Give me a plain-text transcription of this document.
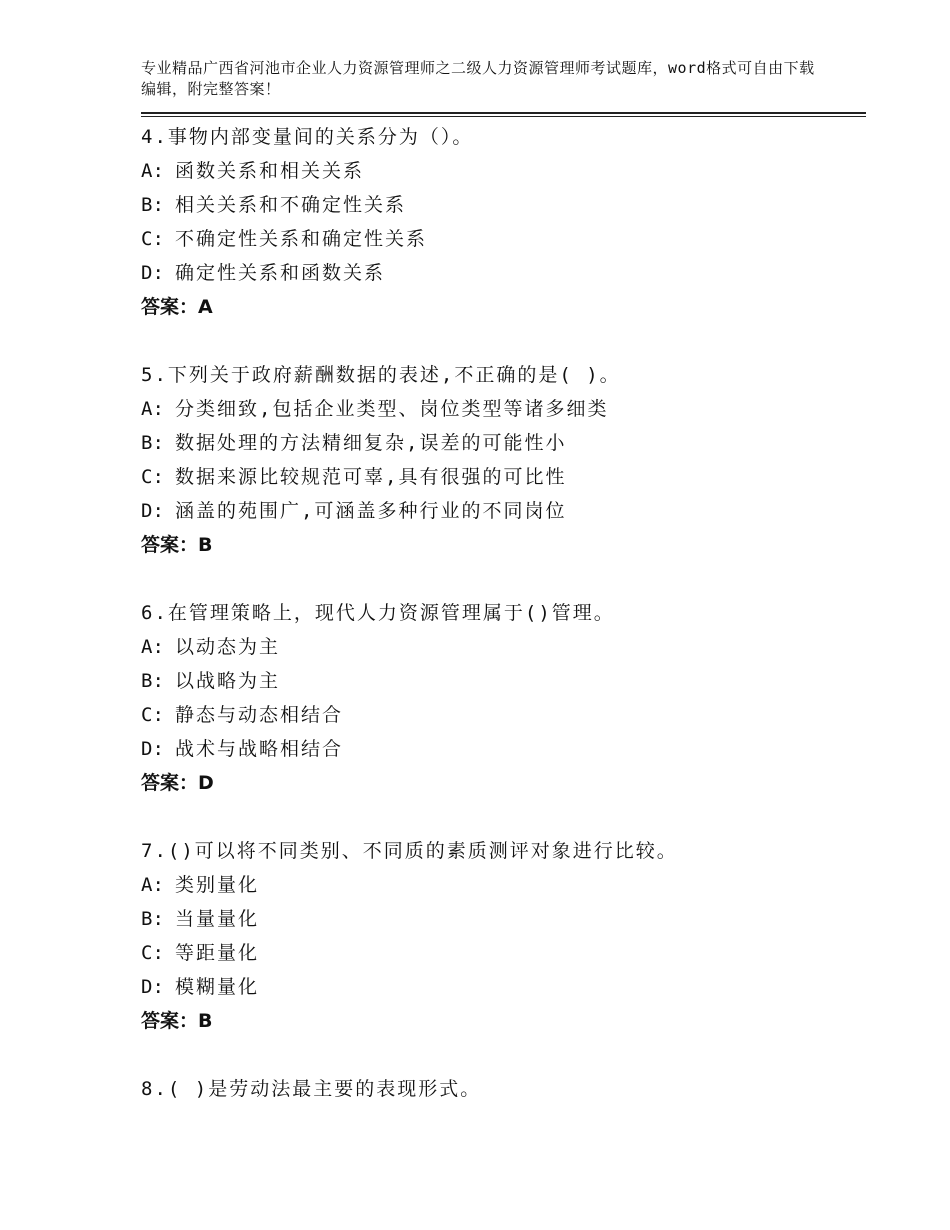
专业精品广西省河池市企业人力资源管理师之二级人力资源管理师考试题库，word格式可自由下载编辑，附完整答案！
4.事物内部变量间的关系分为（）。
A: 函数关系和相关关系
B: 相关关系和不确定性关系
C: 不确定性关系和确定性关系
D: 确定性关系和函数关系
答案：A
5.下列关于政府薪酬数据的表述,不正确的是( )。
A: 分类细致,包括企业类型、岗位类型等诸多细类
B: 数据处理的方法精细复杂,误差的可能性小
C: 数据来源比较规范可辜,具有很强的可比性
D: 涵盖的苑围广,可涵盖多种行业的不同岗位
答案：B
6.在管理策略上，现代人力资源管理属于()管理。
A: 以动态为主
B: 以战略为主
C: 静态与动态相结合
D: 战术与战略相结合
答案：D
7.()可以将不同类别、不同质的素质测评对象进行比较。
A: 类别量化
B: 当量量化
C: 等距量化
D: 模糊量化
答案：B
8.( )是劳动法最主要的表现形式。
